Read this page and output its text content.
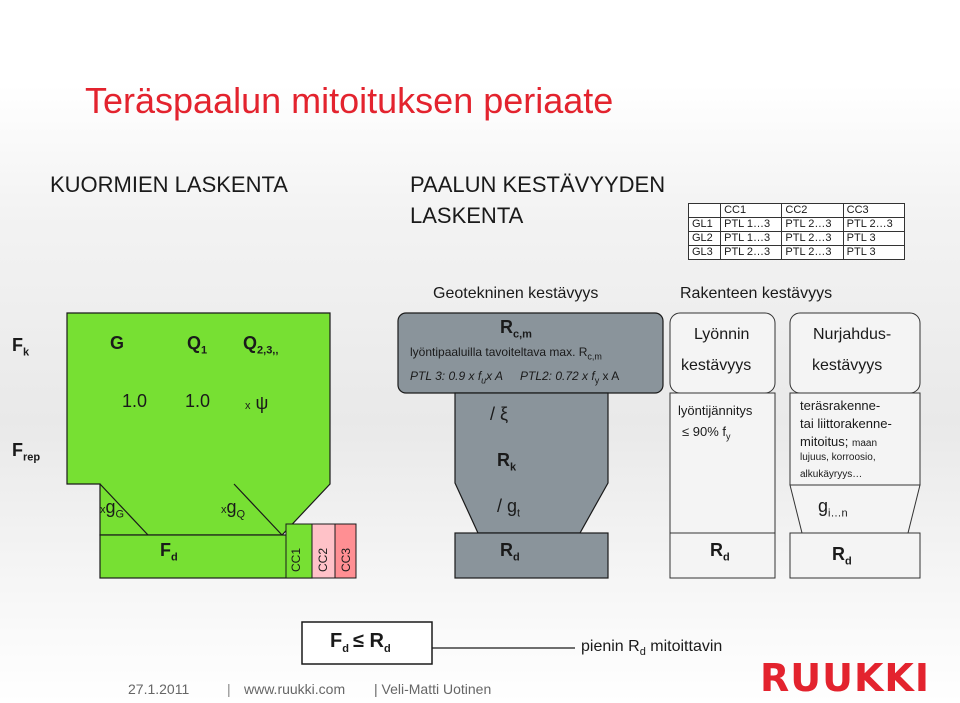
Teräspaalun mitoituksen periaate
KUORMIEN LASKENTA	PAALUN KESTÄVYYDEN
LASKENTA
		CC1	CC2	CC3
GL1	PTL 1…3	PTL 2…3	PTL 2…3
GL2	PTL 1…3	PTL 2…3	PTL 3
GL3	PTL 2…3	PTL 2…3	PTL 3
Geotekninen kestävyys	Rakenteen kestävyys
$F_k$
$F_{rep}$
G	$Q_1$ $Q_{2,3,,}$
1.0 1.0	x ψ
$xg_G$	$xg_Q$
$F_d$	CC1 CC2 CC3
$R_{c,m}$
lyöntipaaluilla tavoiteltava max. $R_{c,m}$
PTL 3: 0.9 x $f_ux$ A PTL2: 0.72 x $f_y$ x A
/ ξ
$R_k$
/ $g_t$
$R_d$
Lyönnin
kestävyys
lyöntijännitys
≤ 90% $f_y$
$R_d$
Nurjahdus-
kestävyys
teräsrakenne-
tai liittorakenne-
mitoitus; maan
lujuus, korroosio,
alkukäyryys…
$g_{i\dots n}$
$R_d$
$F_d \le R_d$	pienin $R_d$ mitoittavin
27.1.2011	| www.ruukki.com | Veli-Matti Uotinen	RUUKKI
